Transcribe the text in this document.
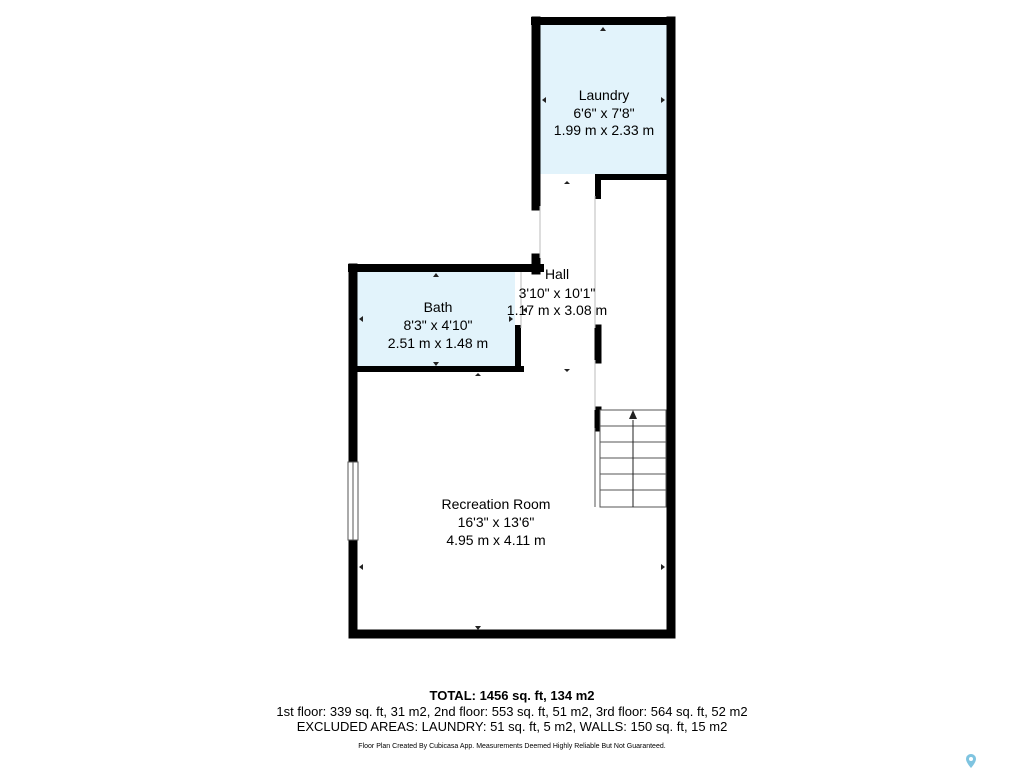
Laundry
6'6" x 7'8"
1.99 m x 2.33 m
Hall
3'10" x 10'1"
1.17 m x 3.08 m
Bath
8'3" x 4'10"
2.51 m x 1.48 m
Recreation Room
16'3" x 13'6"
4.95 m x 4.11 m
TOTAL: 1456 sq. ft, 134 m2
1st floor: 339 sq. ft, 31 m2, 2nd floor: 553 sq. ft, 51 m2, 3rd floor: 564 sq. ft, 52 m2
EXCLUDED AREAS: LAUNDRY: 51 sq. ft, 5 m2, WALLS: 150 sq. ft, 15 m2
Floor Plan Created By Cubicasa App. Measurements Deemed Highly Reliable But Not Guaranteed.
